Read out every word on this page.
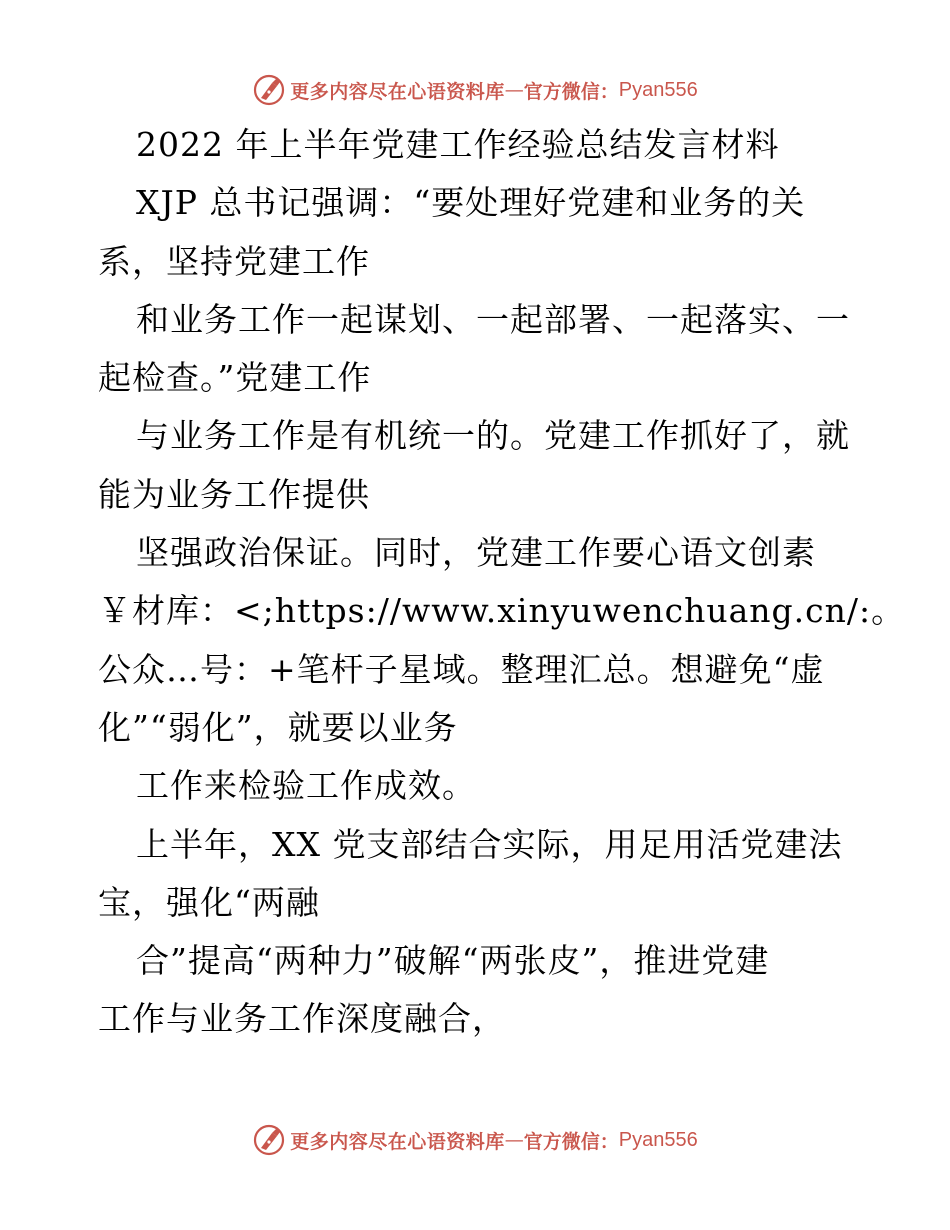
更多内容尽在心语资料库 — 官方微信： Pyan556
2022 年上半年党建工作经验总结发言材料
XJP 总书记强调：“要处理好党建和业务的关
系，坚持党建工作
和业务工作一起谋划、一起部署、一起落实、一
起检查。”党建工作
与业务工作是有机统一的。党建工作抓好了，就
能为业务工作提供
坚强政治保证。同时，党建工作要心语文创素
￥材库：<;https://www.xinyuwenchuang.cn/:。
公众…号：+笔杆子星域。整理汇总。想避免“虚
化”“弱化”，就要以业务
工作来检验工作成效。
上半年，XX 党支部结合实际，用足用活党建法
宝，强化“两融
合”提高“两种力”破解“两张皮”，推进党建
工作与业务工作深度融合，
更多内容尽在心语资料库 — 官方微信： Pyan556
